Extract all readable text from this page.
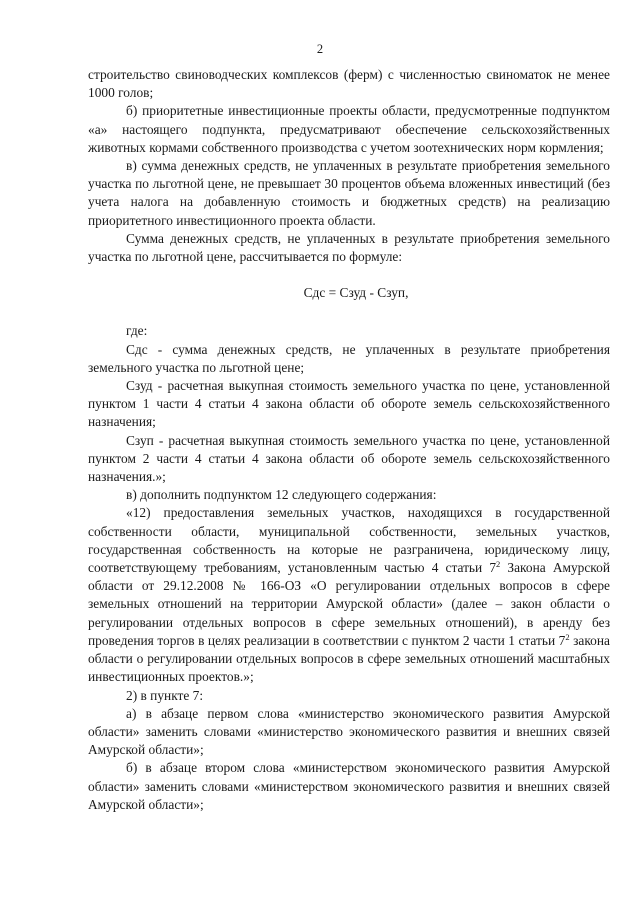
2

строительство свиноводческих комплексов (ферм) с численностью свиноматок не менее 1000 голов;

б) приоритетные инвестиционные проекты области, предусмотренные подпунктом «а» настоящего подпункта, предусматривают обеспечение сельскохозяйственных животных кормами собственного производства с учетом зоотехнических норм кормления;

в) сумма денежных средств, не уплаченных в результате приобретения земельного участка по льготной цене, не превышает 30 процентов объема вложенных инвестиций (без учета налога на добавленную стоимость и бюджетных средств) на реализацию приоритетного инвестиционного проекта области.

Сумма денежных средств, не уплаченных в результате приобретения земельного участка по льготной цене, рассчитывается по формуле:

Сдс = Сзуд - Сзуп,

где:

Сдс - сумма денежных средств, не уплаченных в результате приобретения земельного участка по льготной цене;

Сзуд - расчетная выкупная стоимость земельного участка по цене, установленной пунктом 1 части 4 статьи 4 закона области об обороте земель сельскохозяйственного назначения;

Сзуп - расчетная выкупная стоимость земельного участка по цене, установленной пунктом 2 части 4 статьи 4 закона области об обороте земель сельскохозяйственного назначения.»;

в) дополнить подпунктом 12 следующего содержания:

«12) предоставления земельных участков, находящихся в государственной собственности области, муниципальной собственности, земельных участков, государственная собственность на которые не разграничена, юридическому лицу, соответствующему требованиям, установленным частью 4 статьи $7^2$ Закона Амурской области от 29.12.2008 № 166-ОЗ «О регулировании отдельных вопросов в сфере земельных отношений на территории Амурской области» (далее – закон области о регулировании отдельных вопросов в сфере земельных отношений), в аренду без проведения торгов в целях реализации в соответствии с пунктом 2 части 1 статьи $7^2$ закона области о регулировании отдельных вопросов в сфере земельных отношений масштабных инвестиционных проектов.»;

2) в пункте 7:

а) в абзаце первом слова «министерство экономического развития Амурской области» заменить словами «министерство экономического развития и внешних связей Амурской области»;

б) в абзаце втором слова «министерством экономического развития Амурской области» заменить словами «министерством экономического развития и внешних связей Амурской области»;
